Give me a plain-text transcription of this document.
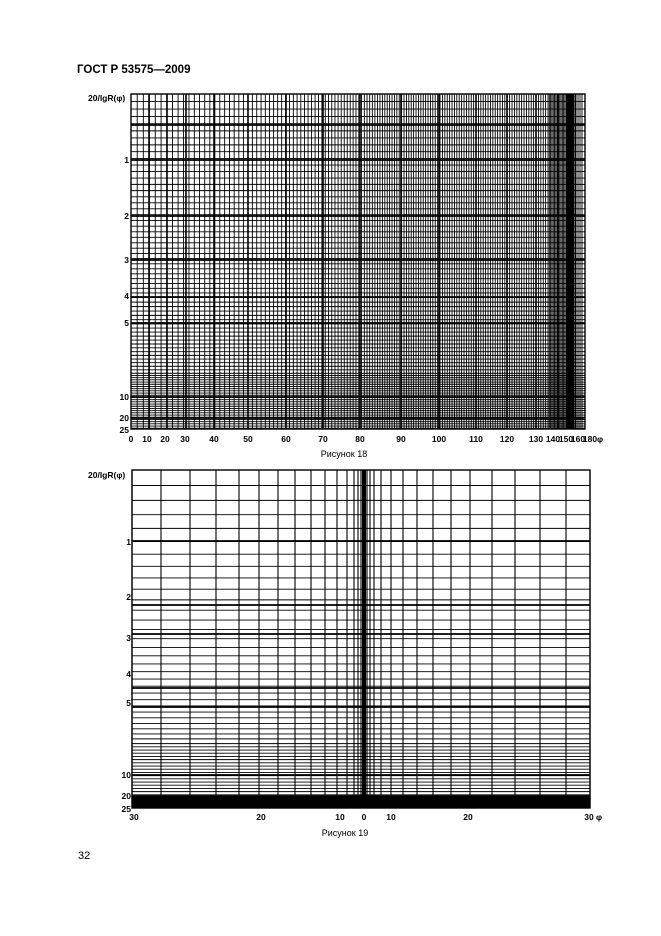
ГОСТ Р 53575—2009
20/lgR(φ)
1
2
3
4
5
10
20
25
0 10 20 30 40	50	60	70	80	90	100	110 120 130 140
150
160
180 φ
20/lgR(φ)
1
2
3
4
5
10
20
25
30	20	10 0 10	20	30 φ
Рисунок 18
Рисунок 19
32
